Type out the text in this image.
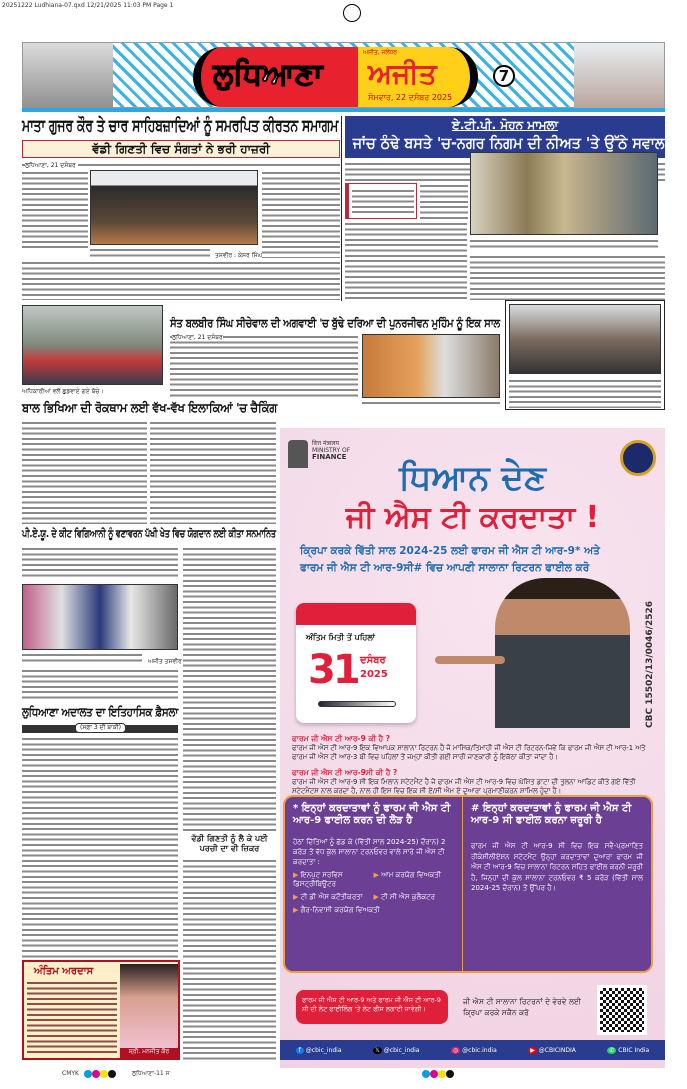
20251222 Ludhiana-07.qxd 12/21/2025 11:03 PM Page 1
ਲੁਧਿਆਣਾ
ਅਜੀਤ, ਜਲੰਧਰ
ਅਜੀਤ
ਸੋਮਵਾਰ, 22 ਦਸੰਬਰ 2025
7
ਮਾਤਾ ਗੁਜਰ ਕੌਰ ਤੇ ਚਾਰ ਸਾਹਿਬਜ਼ਾਦਿਆਂ ਨੂੰ ਸਮਰਪਿਤ ਕੀਰਤਨ ਸਮਾਗਮ
ਵੱਡੀ ਗਿਣਤੀ ਵਿਚ ਸੰਗਤਾਂ ਨੇ ਭਰੀ ਹਾਜ਼ਰੀ
ਲੁਧਿਆਣਾ, 21 ਦਸੰਬਰ
ਤਸਵੀਰ : ਕੇਸਰ ਸਿੰਘ
ਏ.ਟੀ.ਪੀ. ਮੋਹਨ ਮਾਮਲਾ
ਜਾਂਚ ਠੰਢੇ ਬਸਤੇ 'ਚ-ਨਗਰ ਨਿਗਮ ਦੀ ਨੀਅਤ 'ਤੇ ਉੱਠੇ ਸਵਾਲ
ਅਧਿਕਾਰੀਆਂ ਵਲੋਂ ਛੁਡਵਾਏ ਗਏ ਬੱਚੇ।
ਸੰਤ ਬਲਬੀਰ ਸਿੰਘ ਸੀਚੇਵਾਲ ਦੀ ਅਗਵਾਈ 'ਚ ਬੁੱਢੇ ਦਰਿਆ ਦੀ ਪੁਨਰਜੀਵਨ ਮੁਹਿੰਮ ਨੂੰ ਇਕ ਸਾਲ
ਲੁਧਿਆਣਾ, 21 ਦਸੰਬਰ
ਬਾਲ ਭਿਖਿਆ ਦੀ ਰੋਕਥਾਮ ਲਈ ਵੱਖ-ਵੱਖ ਇਲਾਕਿਆਂ 'ਚ ਚੈਕਿੰਗ
ਪੀ.ਏ.ਯੂ. ਦੇ ਕੀਟ ਵਿਗਿਆਨੀ ਨੂੰ ਵਣਾਵਰਨ ਪੱਖੀ ਖੇਤ ਵਿਚ ਯੋਗਦਾਨ ਲਈ ਕੀਤਾ ਸਨਮਾਨਿਤ
ਅਜੀਤ ਤਸਵੀਰ
ਲੁਧਿਆਣਾ ਅਦਾਲਤ ਦਾ ਇਤਿਹਾਸਿਕ ਫ਼ੈਸਲਾ
(ਸਫ਼ਾ 3 ਦੀ ਬਾਕੀ)
ਵੱਡੀ ਗਿਣਤੀ ਨੂੰ ਲੈ ਕੇ ਪਈ ਪਰਚੀ ਦਾ ਵੀ ਜ਼ਿਕਰ
ਅੰਤਿਮ ਅਰਦਾਸ
ਸ਼੍ਰੀ. ਮਨਜੀਤ ਕੌਰ
वित्त मंत्रालय
MINISTRY OF
FINANCE
ਧਿਆਨ ਦੇਣ
ਜੀ ਐਸ ਟੀ ਕਰਦਾਤਾ !
ਕ੍ਰਿਪਾ ਕਰਕੇ ਵਿੱਤੀ ਸਾਲ 2024-25 ਲਈ ਫਾਰਮ ਜੀ ਐਸ ਟੀ ਆਰ-9* ਅਤੇ
ਫਾਰਮ ਜੀ ਐਸ ਟੀ ਆਰ-9ਸੀ# ਵਿਚ ਆਪਣੀ ਸਾਲਾਨਾ ਰਿਟਰਨ ਫਾਈਲ ਕਰੋ
ਅੰਤਿਮ ਮਿਤੀ ਤੋਂ ਪਹਿਲਾਂ
31 ਦਸੰਬਰ
2025	CBC 15502/13/0046/2526
ਫਾਰਮ ਜੀ ਐਸ ਟੀ ਆਰ-9 ਕੀ ਹੈ ?
ਫਾਰਮ ਜੀ ਐਸ ਟੀ ਆਰ-9 ਇਕ ਵਿਆਪਕ ਸਾਲਾਨਾ ਰਿਟਰਨ ਹੈ ਜੋ ਮਾਸਿਕ/ਤਿਮਾਹੀ ਜੀ ਐਸ ਟੀ ਰਿਟਰਨ-ਜਿਵੇਂ ਕਿ ਫਾਰਮ ਜੀ ਐਸ ਟੀ ਆਰ-1 ਅਤੇ ਫਾਰਮ ਜੀ ਐਸ ਟੀ ਆਰ-3 ਬੀ ਵਿਚ ਪਹਿਲਾਂ ਤੋਂ ਜਮ੍ਹਾਂ ਕੀਤੀ ਗਈ ਸਾਰੀ ਜਾਣਕਾਰੀ ਨੂੰ ਇਕੱਠਾ ਕੀਤਾ ਜਾਂਦਾ ਹੈ।
ਫਾਰਮ ਜੀ ਐਸ ਟੀ ਆਰ-9ਸੀ ਕੀ ਹੈ ?
ਫਾਰਮ ਜੀ ਐਸ ਟੀ ਆਰ-9 ਸੀ ਇਕ ਮਿਲਾਨ ਸਟੇਟਮੈਂਟ ਹੈ ਜੋ ਫਾਰਮ ਜੀ ਐਸ ਟੀ ਆਰ-9 ਵਿਚ ਘੋਸ਼ਿਤ ਡਾਟਾ ਦੀ ਤੁਲਨਾ ਆਡਿਟ ਕੀਤੇ ਗਏ ਵਿੱਤੀ ਸਟੇਟਮੈਂਟਸ ਨਾਲ ਕਰਦਾ ਹੈ, ਨਾਲ ਹੀ ਇਸ ਵਿਚ ਇਕ ਸੀ ਏ/ਸੀ ਐਮ ਏ ਦੁਆਰਾ ਪ੍ਰਮਾਣੀਕਰਨ ਸ਼ਾਮਿਲ ਹੁੰਦਾ ਹੈ।
* ਇਨ੍ਹਾਂ ਕਰਦਾਤਾਵਾਂ ਨੂੰ ਫਾਰਮ ਜੀ ਐਸ ਟੀ ਆਰ-9 ਫਾਈਲ ਕਰਨ ਦੀ ਲੋੜ ਹੈ
ਹੇਠਾਂ ਦਿੱਤਿਆਂ ਨੂੰ ਛੱਡ ਕੇ (ਵਿੱਤੀ ਸਾਲ 2024-25) ਦੌਰਾਨ) 2 ਕਰੋੜ ਤੋਂ ਵੱਧ ਕੁੱਲ ਸਾਲਾਨਾ ਟਰਨਓਵਰ ਵਾਲੇ ਸਾਰੇ ਜੀ ਐਸ ਟੀ ਕਰਦਾਤਾ :
▶ ਇਨਪੁਟ ਸਰਵਿਸ ਡਿਸਟ੍ਰੀਬਿਊਟਰ
▶ ਆਮ ਕਰਯੋਗ ਵਿਅਕਤੀ
▶ ਟੀ ਡੀ ਐਸ ਕਟੌਤੀਕਰਤਾ	▶ ਟੀ ਸੀ ਐਸ ਕੁਲੈਕਟਰ
▶ ਗੈਰ-ਨਿਵਾਸੀ ਕਰਯੋਗ ਵਿਅਕਤੀ
# ਇਨ੍ਹਾਂ ਕਰਦਾਤਾਵਾਂ ਨੂੰ ਫਾਰਮ ਜੀ ਐਸ ਟੀ ਆਰ-9 ਸੀ ਫਾਈਲ ਕਰਨਾ ਜ਼ਰੂਰੀ ਹੈ
ਫਾਰਮ ਜੀ ਐਸ ਟੀ ਆਰ-9 ਸੀ ਵਿਚ ਇਕ ਸਵੈ-ਪ੍ਰਮਾਣਿਤ ਰੀਕੰਸੀਲੀਏਸ਼ਨ ਸਟੇਟਮੈਂਟ ਉਨ੍ਹਾਂ ਕਰਦਾਤਾਵਾਂ ਦੁਆਰਾ ਫਾਰਮ ਜੀ ਐਸ ਟੀ ਆਰ-9 ਵਿਚ ਸਾਲਾਨਾ ਰਿਟਰਨ ਸਹਿਤ ਫਾਈਲ ਕਰਨੀ ਜ਼ਰੂਰੀ ਹੈ, ਜਿਨ੍ਹਾਂ ਦੀ ਕੁੱਲ ਸਾਲਾਨਾ ਟਰਨਓਵਰ ₹ 5 ਕਰੋੜ (ਵਿੱਤੀ ਸਾਲ 2024-25 ਦੌਰਾਨ) ਤੋਂ ਉੱਪਰ ਹੈ।
ਫਾਰਮ ਜੀ ਐਸ ਟੀ ਆਰ-9 ਅਤੇ ਫਾਰਮ ਜੀ ਐਸ ਟੀ ਆਰ-9 ਸੀ ਦੀ ਲੇਟ ਫਾਈਲਿੰਗ 'ਤੇ ਲੇਟ ਫੀਸ ਲਗਾਈ ਜਾਵੇਗੀ।
ਜੀ ਐਸ ਟੀ ਸਾਲਾਨਾ ਰਿਟਰਨਾਂ ਦੇ ਵੇਰਵੇ ਲਈ ਕ੍ਰਿਪਾ ਕਰਕੇ ਸਕੈਨ ਕਰੋ
f @cbic_india	𝕏 @cbic_india	◎ @cbic.india	▶ @CBICINDIA	✆ CBIC India
CMYK	ਲੁਧਿਆਣਾ-11 ਸ
